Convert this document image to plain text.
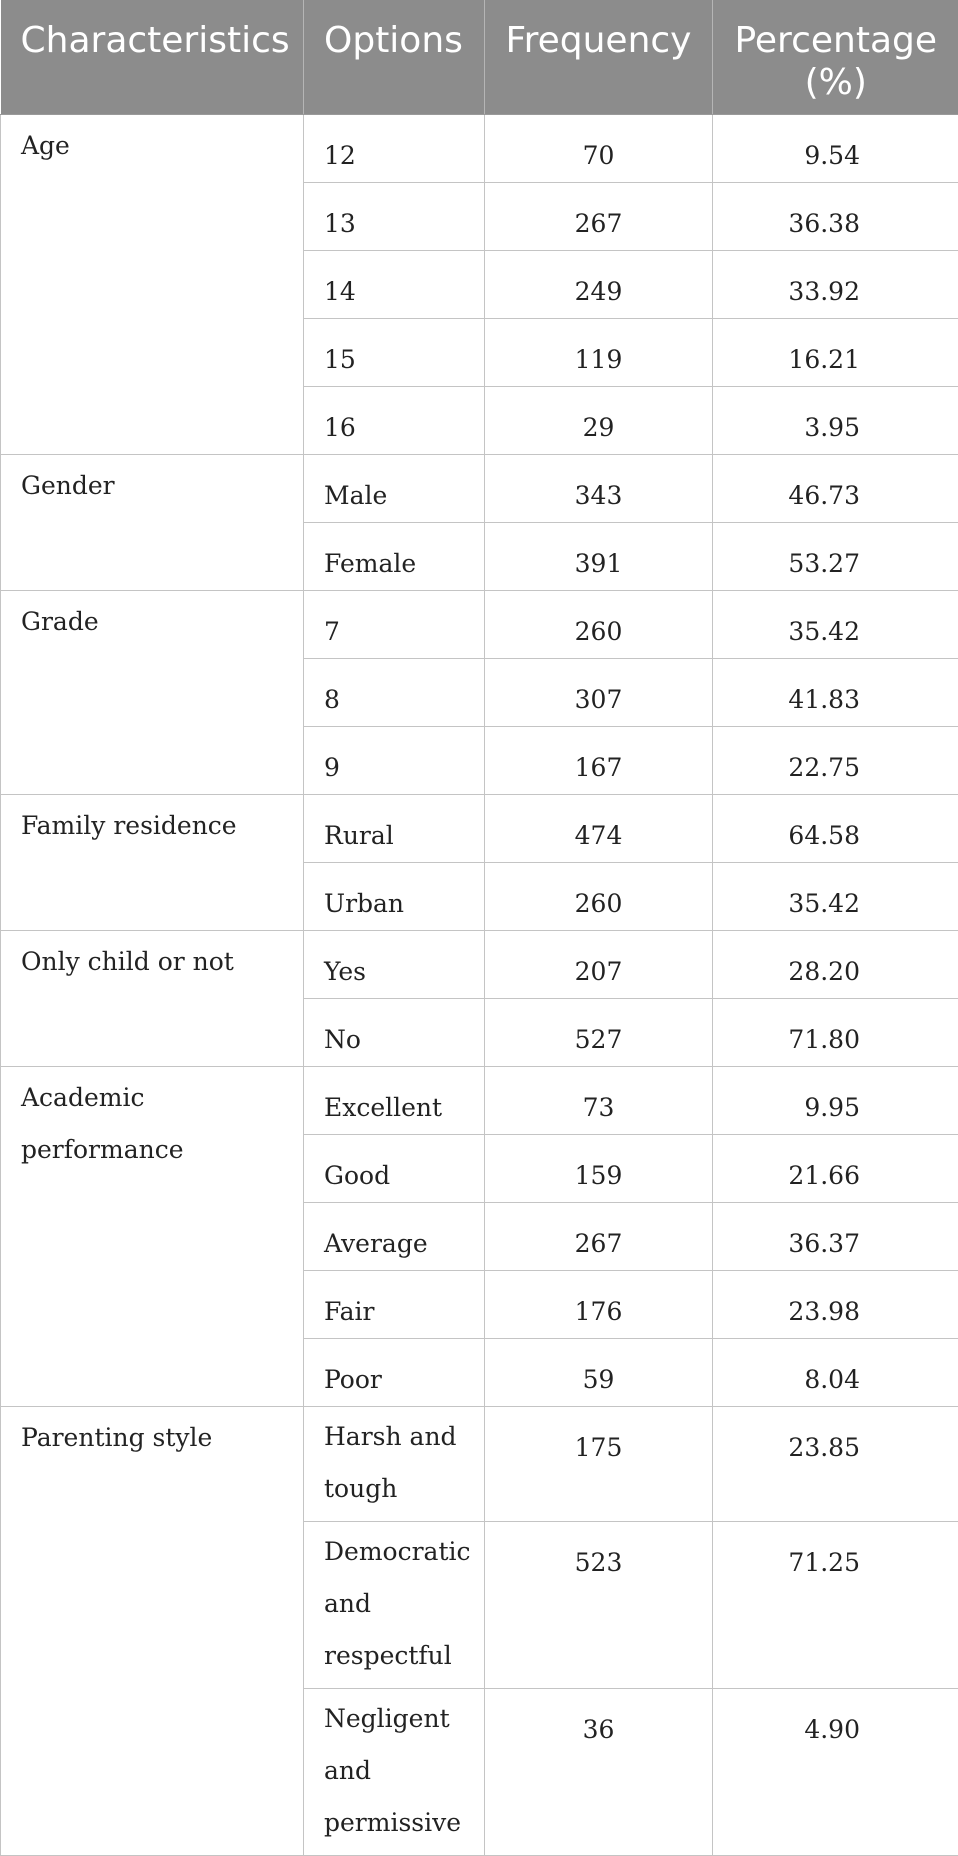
Characteristics	Options	Frequency	Percentage (%)

Age	12	70	9.54
	13	267	36.38
	14	249	33.92
	15	119	16.21
	16	29	3.95

Gender	Male	343	46.73
	Female	391	53.27

Grade	7	260	35.42
	8	307	41.83
	9	167	22.75

Family residence	Rural	474	64.58
	Urban	260	35.42

Only child or not	Yes	207	28.20
	No	527	71.80

Academic performance	Excellent	73	9.95
	Good	159	21.66
	Average	267	36.37
	Fair	176	23.98
	Poor	59	8.04

Parenting style	Harsh and tough	175	23.85
	Democratic and respectful	523	71.25
	Negligent and permissive	36	4.90
